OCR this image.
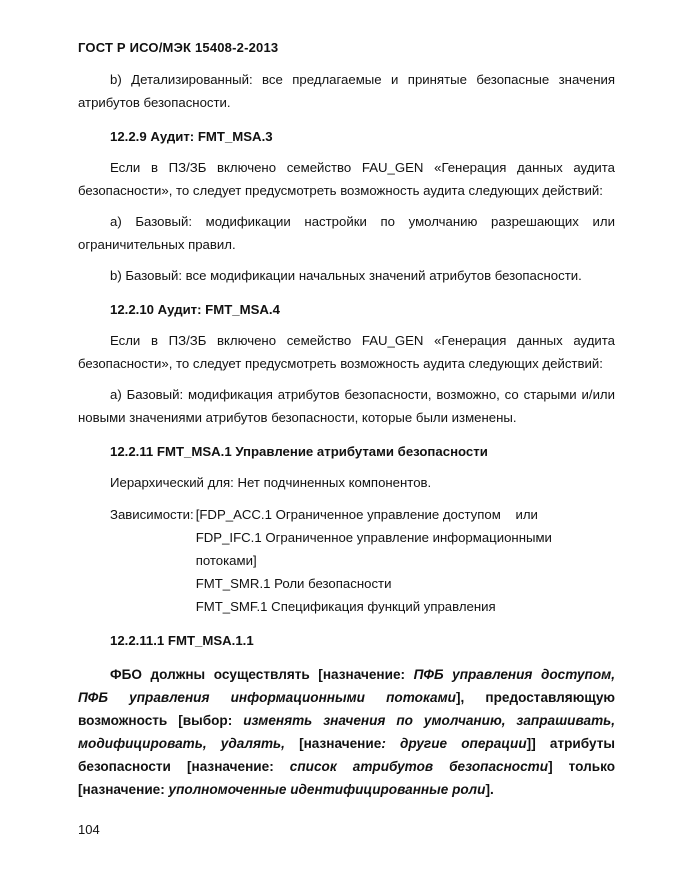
ГОСТ Р ИСО/МЭК 15408-2-2013

b) Детализированный: все предлагаемые и принятые безопасные значения атрибутов безопасности.

12.2.9 Аудит: FMT_MSA.3

Если в ПЗ/ЗБ включено семейство FAU_GEN «Генерация данных аудита безопасности», то следует предусмотреть возможность аудита следующих действий:

а) Базовый: модификации настройки по умолчанию разрешающих или ограничительных правил.

b) Базовый: все модификации начальных значений атрибутов безопасности.

12.2.10 Аудит: FMT_MSA.4

Если в ПЗ/ЗБ включено семейство FAU_GEN «Генерация данных аудита безопасности», то следует предусмотреть возможность аудита следующих действий:

а) Базовый: модификация атрибутов безопасности, возможно, со старыми и/или новыми значениями атрибутов безопасности, которые были изменены.

12.2.11 FMT_MSA.1 Управление атрибутами безопасности

Иерархический для: Нет подчиненных компонентов.

Зависимости: [FDP_ACC.1 Ограниченное управление доступом    или
FDP_IFC.1 Ограниченное управление информационными потоками]
FMT_SMR.1 Роли безопасности
FMT_SMF.1 Спецификация функций управления
12.2.11.1 FMT_MSA.1.1

ФБО должны осуществлять [назначение: ПФБ управления доступом, ПФБ управления информационными потоками], предоставляющую возможность [выбор: изменять значения по умолчанию, запрашивать, модифицировать, удалять, [назначение: другие операции]] атрибуты безопасности [назначение: список атрибутов безопасности] только [назначение: уполномоченные идентифицированные роли].

104
